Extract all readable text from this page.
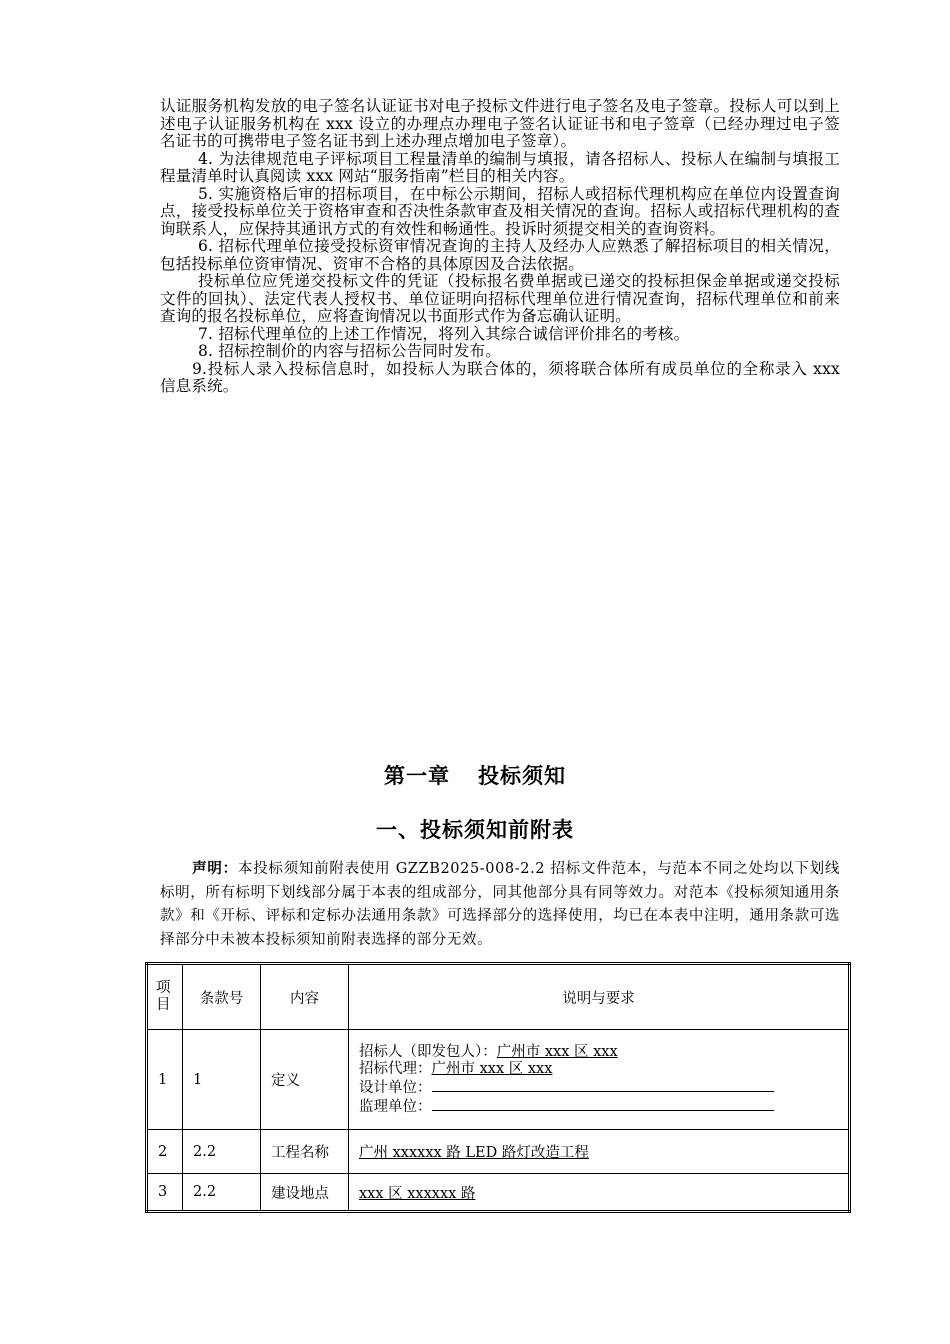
认证服务机构发放的电子签名认证证书对电子投标文件进行电子签名及电子签章。投标人可以到上述电子认证服务机构在 xxx 设立的办理点办理电子签名认证证书和电子签章（已经办理过电子签名证书的可携带电子签名证书到上述办理点增加电子签章）。

4. 为法律规范电子评标项目工程量清单的编制与填报，请各招标人、投标人在编制与填报工程量清单时认真阅读 xxx 网站“服务指南”栏目的相关内容。

5. 实施资格后审的招标项目，在中标公示期间，招标人或招标代理机构应在单位内设置查询点，接受投标单位关于资格审查和否决性条款审查及相关情况的查询。招标人或招标代理机构的查询联系人，应保持其通讯方式的有效性和畅通性。投诉时须提交相关的查询资料。

6. 招标代理单位接受投标资审情况查询的主持人及经办人应熟悉了解招标项目的相关情况，包括投标单位资审情况、资审不合格的具体原因及合法依据。

投标单位应凭递交投标文件的凭证（投标报名费单据或已递交的投标担保金单据或递交投标文件的回执）、法定代表人授权书、单位证明向招标代理单位进行情况查询，招标代理单位和前来查询的报名投标单位，应将查询情况以书面形式作为备忘确认证明。

7. 招标代理单位的上述工作情况，将列入其综合诚信评价排名的考核。

8. 招标控制价的内容与招标公告同时发布。

9.投标人录入投标信息时，如投标人为联合体的，须将联合体所有成员单位的全称录入 xxx 信息系统。

第一章 投标须知
一、投标须知前附表
声明：本投标须知前附表使用 GZZB2025-008-2.2 招标文件范本，与范本不同之处均以下划线标明，所有标明下划线部分属于本表的组成部分，同其他部分具有同等效力。对范本《投标须知通用条款》和《开标、评标和定标办法通用条款》可选择部分的选择使用，均已在本表中注明，通用条款可选择部分中未被本投标须知前附表选择的部分无效。
项目	条款号	内容	说明与要求
1	1	定义	招标人（即发包人）：广州市 xxx 区 xxx
招标代理：广州市 xxx 区 xxx
设计单位：
监理单位：

2	2.2	工程名称	广州 xxxxxx 路 LED 路灯改造工程
3	2.2	建设地点	xxx 区 xxxxxx 路
